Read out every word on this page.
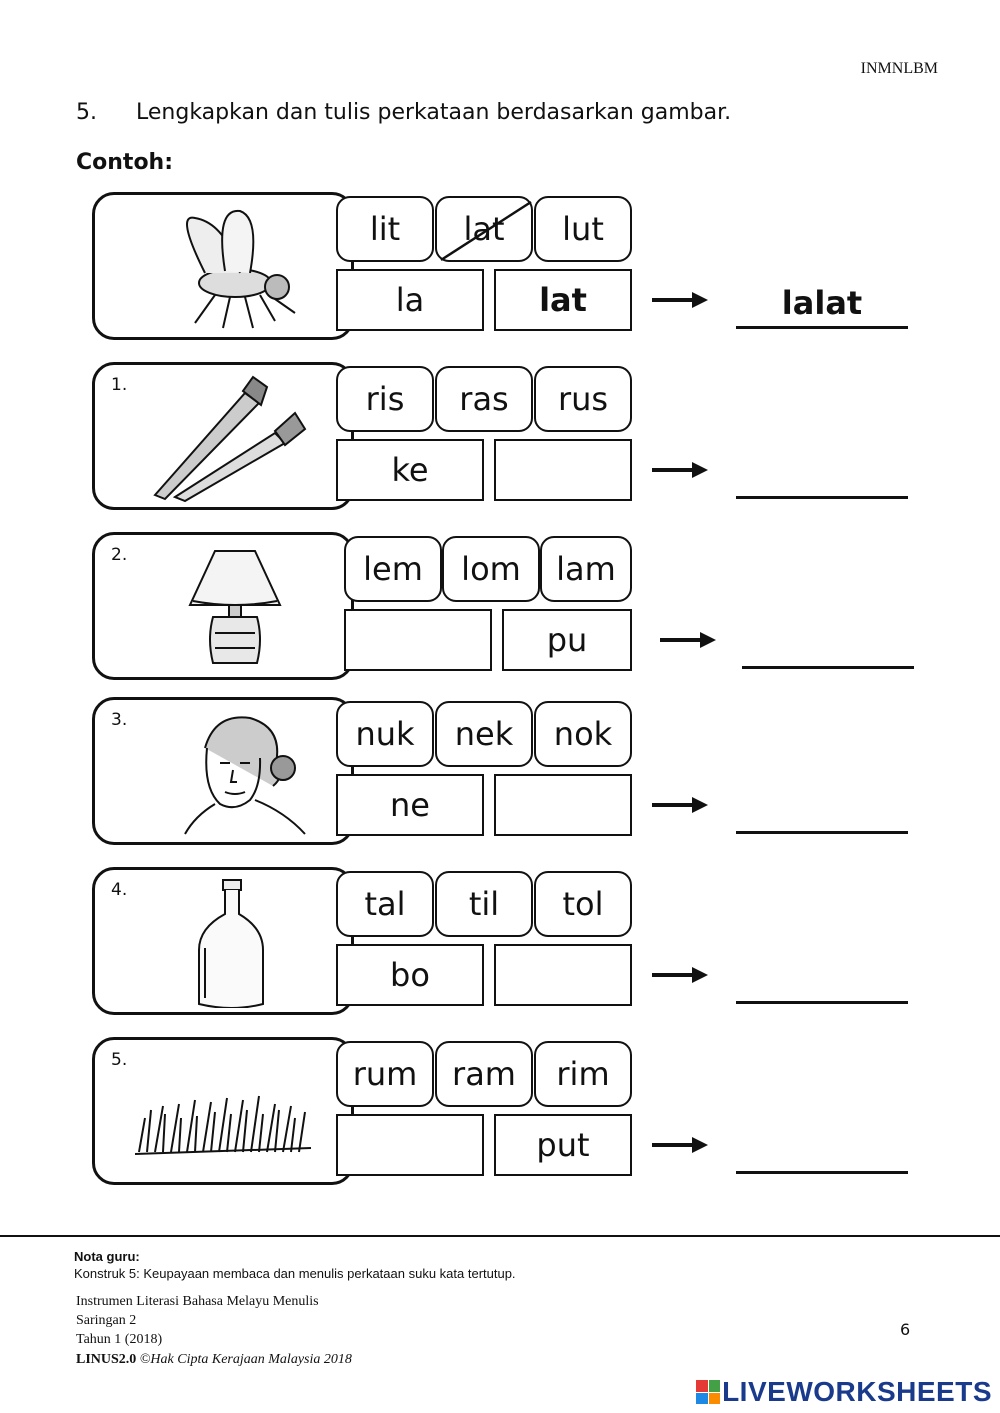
INMNLBM
5. Lengkapkan dan tulis perkataan berdasarkan gambar.
Contoh:
lit	lat	lut
la	lat	lalat
1.	ris	ras	rus
ke
2.	lem	lom	lam
pu
3.	nuk	nek	nok
ne
4.	tal	til	tol
bo
5.	rum	ram	rim
put
Nota guru:
Konstruk 5: Keupayaan membaca dan menulis perkataan suku kata tertutup.
Instrumen Literasi Bahasa Melayu Menulis
Saringan 2
Tahun 1 (2018)
LINUS2.0 ©Hak Cipta Kerajaan Malaysia 2018
6
LIVEWORKSHEETS
